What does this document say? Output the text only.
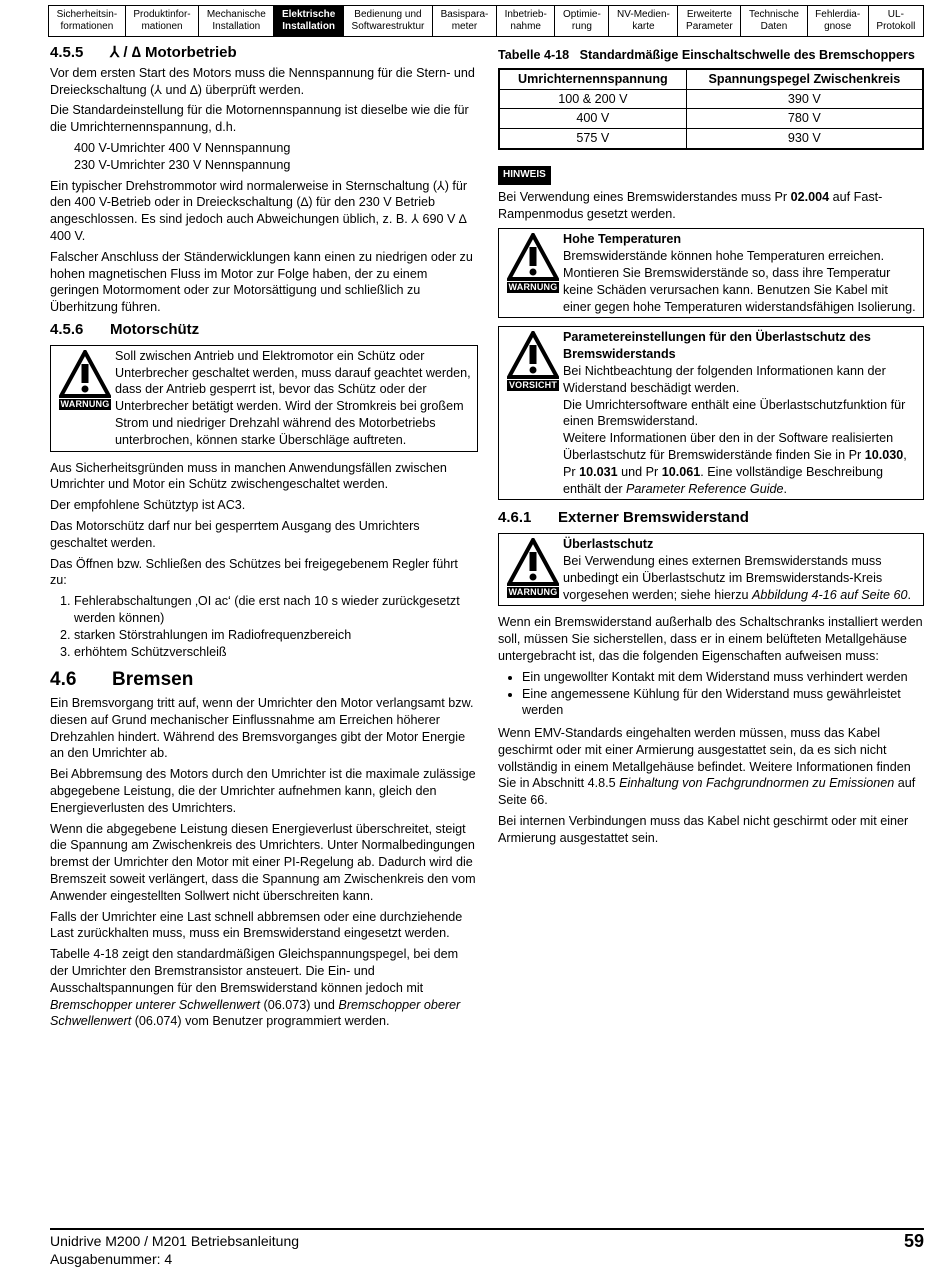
Sicherheitsin-
formationen
Produktinfor-
mationen
Mechanische
Installation
Elektrische
Installation
Bedienung und
Softwarestruktur
Basispara-
meter
Inbetrieb-
nahme
Optimie-
rung
NV-Medien-
karte
Erweiterte
Parameter
Technische
Daten
Fehlerdia-
gnose
UL-
Protokoll
4.5.5 ⅄ / ∆ Motorbetrieb

Vor dem ersten Start des Motors muss die Nennspannung für die Stern- und Dreieckschaltung (⅄ und ∆) überprüft werden.

Die Standardeinstellung für die Motornennspannung ist dieselbe wie die für die Umrichternennspannung, d.h.

400 V-Umrichter 400 V Nennspannung

230 V-Umrichter 230 V Nennspannung

Ein typischer Drehstrommotor wird normalerweise in Sternschaltung (⅄) für den 400 V-Betrieb oder in Dreieckschaltung (∆) für den 230 V Betrieb angeschlossen. Es sind jedoch auch Abweichungen üblich, z. B. ⅄ 690 V ∆ 400 V.

Falscher Anschluss der Ständerwicklungen kann einen zu niedrigen oder zu hohen magnetischen Fluss im Motor zur Folge haben, der zu einem geringen Motormoment oder zur Motorsättigung und schließlich zu Überhitzung führen.

4.5.6 Motorschütz
WARNUNG
Soll zwischen Antrieb und Elektromotor ein Schütz oder Unterbrecher geschaltet werden, muss darauf geachtet werden, dass der Antrieb gesperrt ist, bevor das Schütz oder der Unterbrecher betätigt werden. Wird der Stromkreis bei großem Strom und niedriger Drehzahl während des Motorbetriebs unterbrochen, können starke Überschläge auftreten.

Aus Sicherheitsgründen muss in manchen Anwendungsfällen zwischen Umrichter und Motor ein Schütz zwischengeschaltet werden.

Der empfohlene Schütztyp ist AC3.

Das Motorschütz darf nur bei gesperrtem Ausgang des Umrichters geschaltet werden.

Das Öffnen bzw. Schließen des Schützes bei freigegebenem Regler führt zu:

1. Fehlerabschaltungen ‚OI ac‘ (die erst nach 10 s wieder zurückgesetzt werden können)
2. starken Störstrahlungen im Radiofrequenzbereich
3. erhöhtem Schützverschleiß
4.6 Bremsen

Ein Bremsvorgang tritt auf, wenn der Umrichter den Motor verlangsamt bzw. diesen auf Grund mechanischer Einflussnahme am Erreichen höherer Drehzahlen hindert. Während des Bremsvorganges gibt der Motor Energie an den Umrichter ab.

Bei Abbremsung des Motors durch den Umrichter ist die maximale zulässige abgegebene Leistung, die der Umrichter aufnehmen kann, gleich den Energieverlusten des Umrichters.

Wenn die abgegebene Leistung diesen Energieverlust überschreitet, steigt die Spannung am Zwischenkreis des Umrichters. Unter Normalbedingungen bremst der Umrichter den Motor mit einer PI-Regelung ab. Dadurch wird die Bremszeit soweit verlängert, dass die Spannung am Zwischenkreis den vom Anwender eingestellten Sollwert nicht überschreiten kann.

Falls der Umrichter eine Last schnell abbremsen oder eine durchziehende Last zurückhalten muss, muss ein Bremswiderstand eingesetzt werden.

Tabelle 4-18 zeigt den standardmäßigen Gleichspannungspegel, bei dem der Umrichter den Bremstransistor ansteuert. Die Ein- und Ausschaltspannungen für den Bremswiderstand können jedoch mit Bremschopper unterer Schwellenwert (06.073) und Bremschopper oberer Schwellenwert (06.074) vom Benutzer programmiert werden.

Tabelle 4-18   Standardmäßige Einschaltschwelle des Bremschoppers
Umrichternennspannung	Spannungspegel Zwischenkreis
100 & 200 V	390 V
400 V	780 V
575 V	930 V
HINWEIS

Bei Verwendung eines Bremswiderstandes muss Pr 02.004 auf Fast-Rampenmodus gesetzt werden.

WARNUNG
Hohe Temperaturen
Bremswiderstände können hohe Temperaturen erreichen. Montieren Sie Bremswiderstände so, dass ihre Temperatur keine Schäden verursachen kann. Benutzen Sie Kabel mit einer gegen hohe Temperaturen widerstandsfähigen Isolierung.
VORSICHT
Parametereinstellungen für den Überlastschutz des Bremswiderstands
Bei Nichtbeachtung der folgenden Informationen kann der Widerstand beschädigt werden.
Die Umrichtersoftware enthält eine Überlastschutzfunktion für einen Bremswiderstand.
Weitere Informationen über den in der Software realisierten Überlastschutz für Bremswiderstände finden Sie in Pr 10.030, Pr 10.031 und Pr 10.061. Eine vollständige Beschreibung enthält der Parameter Reference Guide.
4.6.1 Externer Bremswiderstand
WARNUNG
Überlastschutz
Bei Verwendung eines externen Bremswiderstands muss unbedingt ein Überlastschutz im Bremswiderstands-Kreis vorgesehen werden; siehe hierzu Abbildung 4-16 auf Seite 60.

Wenn ein Bremswiderstand außerhalb des Schaltschranks installiert werden soll, müssen Sie sicherstellen, dass er in einem belüfteten Metallgehäuse untergebracht ist, das die folgenden Eigenschaften aufweisen muss:

• Ein ungewollter Kontakt mit dem Widerstand muss verhindert werden
• Eine angemessene Kühlung für den Widerstand muss gewährleistet werden

Wenn EMV-Standards eingehalten werden müssen, muss das Kabel geschirmt oder mit einer Armierung ausgestattet sein, da es sich nicht vollständig in einem Metallgehäuse befindet. Weitere Informationen finden Sie in Abschnitt 4.8.5 Einhaltung von Fachgrundnormen zu Emissionen auf Seite 66.

Bei internen Verbindungen muss das Kabel nicht geschirmt oder mit einer Armierung ausgestattet sein.

Unidrive M200 / M201 Betriebsanleitung
Ausgabenummer: 4
59
